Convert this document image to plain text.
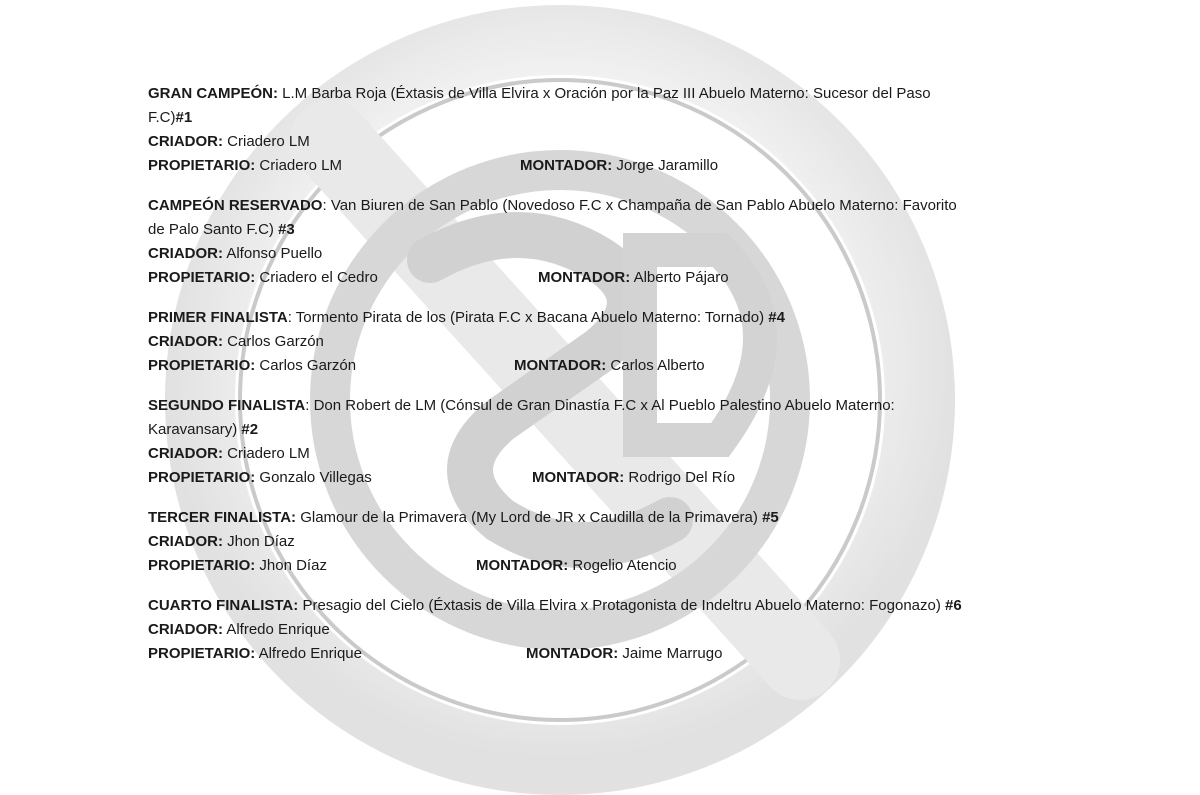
GRAN CAMPEÓN: L.M Barba Roja (Éxtasis de Villa Elvira x Oración por la Paz III Abuelo Materno: Sucesor del Paso F.C)#1
CRIADOR: Criadero LM
PROPIETARIO: Criadero LM	MONTADOR: Jorge Jaramillo
CAMPEÓN RESERVADO: Van Biuren de San Pablo (Novedoso F.C x Champaña de San Pablo Abuelo Materno: Favorito de Palo Santo F.C) #3
CRIADOR: Alfonso Puello
PROPIETARIO: Criadero el Cedro	MONTADOR: Alberto Pájaro
PRIMER FINALISTA: Tormento Pirata de los (Pirata F.C x Bacana Abuelo Materno: Tornado) #4
CRIADOR: Carlos Garzón
PROPIETARIO: Carlos Garzón	MONTADOR: Carlos Alberto
SEGUNDO FINALISTA: Don Robert de LM (Cónsul de Gran Dinastía F.C x Al Pueblo Palestino Abuelo Materno: Karavansary) #2
CRIADOR: Criadero LM
PROPIETARIO: Gonzalo Villegas	MONTADOR: Rodrigo Del Río
TERCER FINALISTA: Glamour de la Primavera (My Lord de JR x Caudilla de la Primavera) #5
CRIADOR: Jhon Díaz
PROPIETARIO: Jhon Díaz	MONTADOR: Rogelio Atencio
CUARTO FINALISTA: Presagio del Cielo (Éxtasis de Villa Elvira x Protagonista de Indeltru Abuelo Materno: Fogonazo) #6
CRIADOR: Alfredo Enrique
PROPIETARIO: Alfredo Enrique	MONTADOR: Jaime Marrugo
